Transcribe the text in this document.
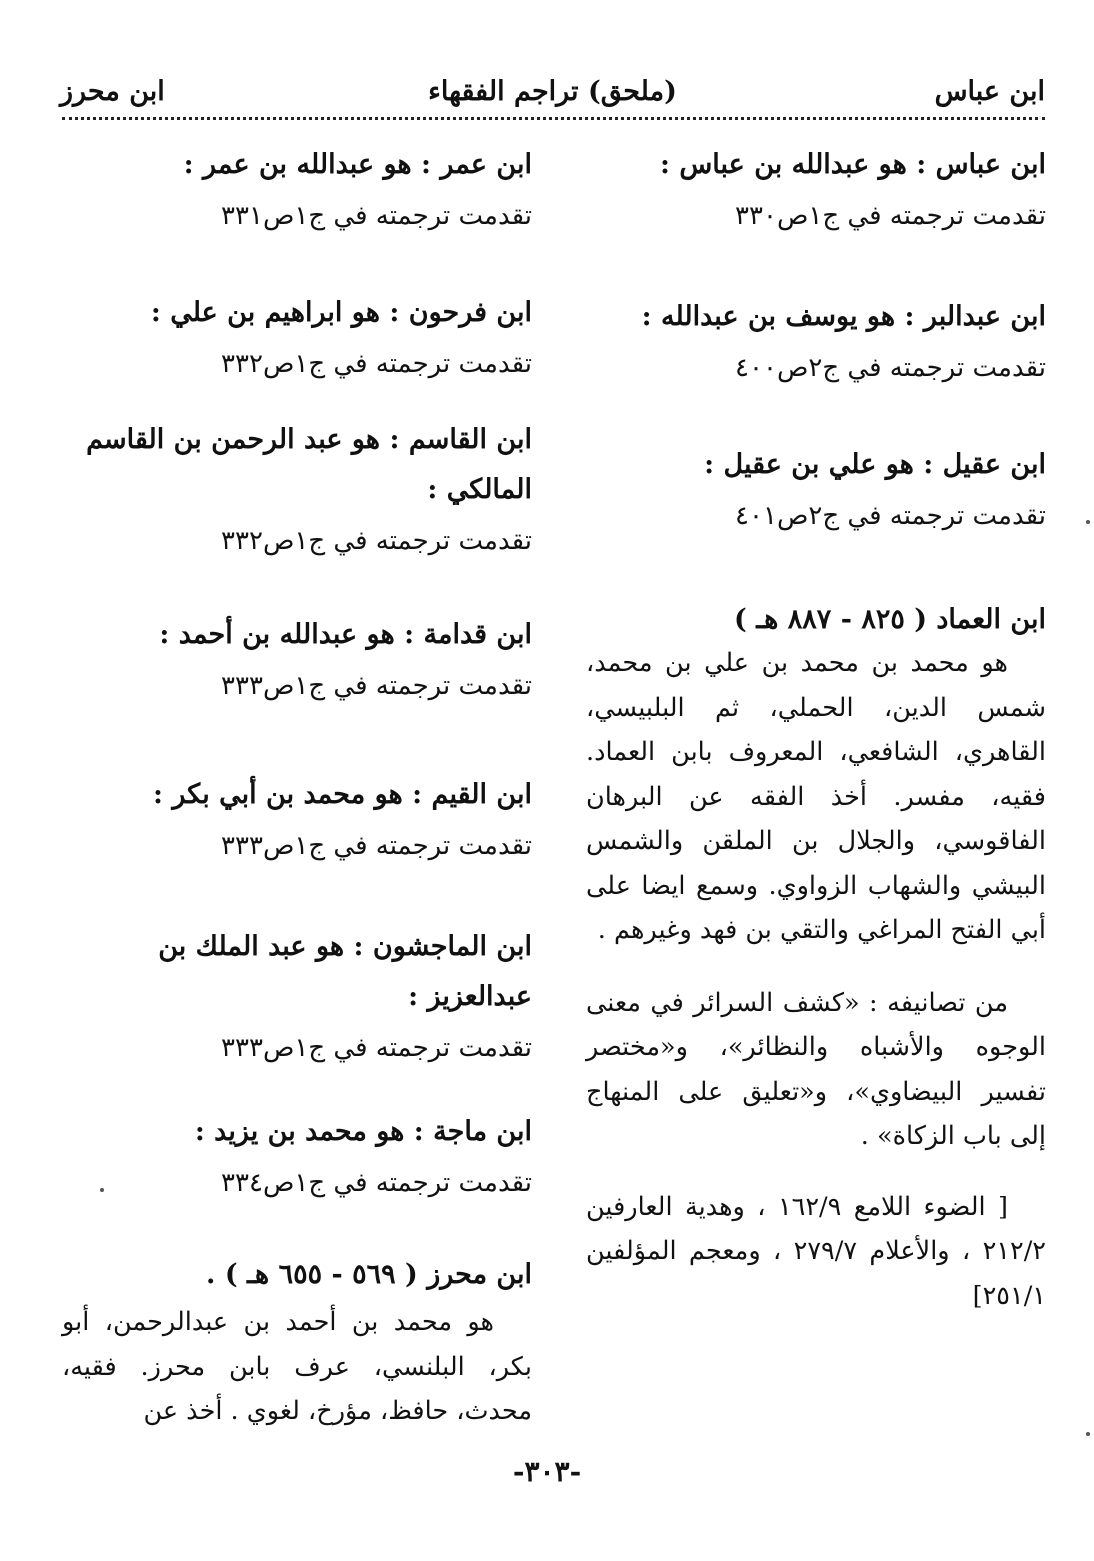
ابن عباس
(ملحق) تراجم الفقهاء
ابن محرز
ابن عباس : هو عبدالله بن عباس :
تقدمت ترجمته في ج١ص٣٣٠
ابن عبدالبر : هو يوسف بن عبدالله :
تقدمت ترجمته في ج٢ص٤٠٠
ابن عقيل : هو علي بن عقيل :
تقدمت ترجمته في ج٢ص٤٠١
ابن العماد ( ٨٢٥ - ٨٨٧ هـ )
هو محمد بن محمد بن علي بن محمد، شمس الدين، الحملي، ثم البلبيسي، القاهري، الشافعي، المعروف بابن العماد. فقيه، مفسر. أخذ الفقه عن البرهان الفاقوسي، والجلال بن الملقن والشمس البيشي والشهاب الزواوي. وسمع ايضا على أبي الفتح المراغي والتقي بن فهد وغيرهم .
من تصانيفه : «كشف السرائر في معنى الوجوه والأشباه والنظائر»، و«مختصر تفسير البيضاوي»، و«تعليق على المنهاج إلى باب الزكاة» .
[ الضوء اللامع ١٦٢/٩ ، وهدية العارفين ٢١٢/٢ ، والأعلام ٢٧٩/٧ ، ومعجم المؤلفين ٢٥١/١]
ابن عمر : هو عبدالله بن عمر :
تقدمت ترجمته في ج١ص٣٣١
ابن فرحون : هو ابراهيم بن علي :
تقدمت ترجمته في ج١ص٣٣٢
ابن القاسم : هو عبد الرحمن بن القاسم المالكي :
تقدمت ترجمته في ج١ص٣٣٢
ابن قدامة : هو عبدالله بن أحمد :
تقدمت ترجمته في ج١ص٣٣٣
ابن القيم : هو محمد بن أبي بكر :
تقدمت ترجمته في ج١ص٣٣٣
ابن الماجشون : هو عبد الملك بن عبدالعزيز :
تقدمت ترجمته في ج١ص٣٣٣
ابن ماجة : هو محمد بن يزيد :
تقدمت ترجمته في ج١ص٣٣٤
ابن محرز ( ٥٦٩ - ٦٥٥ هـ ) .
هو محمد بن أحمد بن عبدالرحمن، أبو بكر، البلنسي، عرف بابن محرز. فقيه، محدث، حافظ، مؤرخ، لغوي . أخذ عن
-٣٠٣-
